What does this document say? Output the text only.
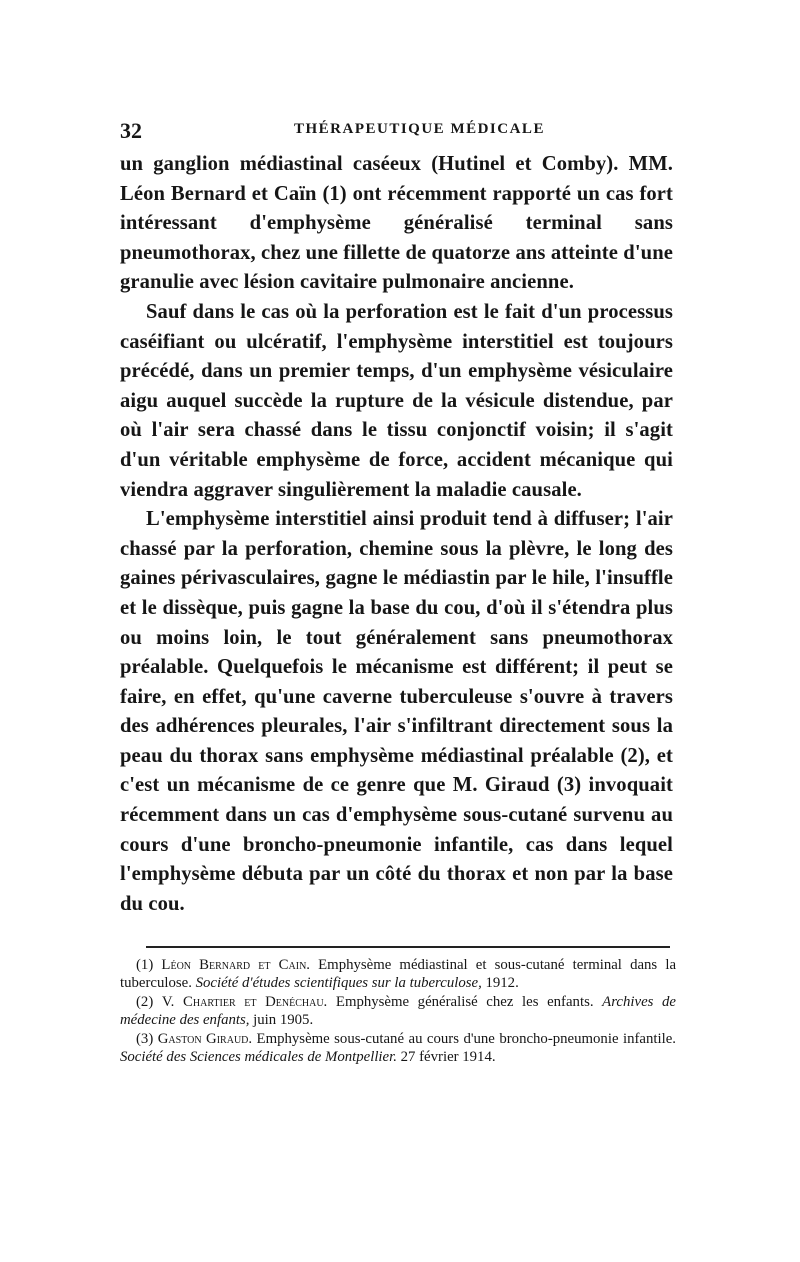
32	THÉRAPEUTIQUE MÉDICALE

un ganglion médiastinal caséeux (Hutinel et Comby). MM. Léon Bernard et Caïn (1) ont récemment rapporté un cas fort intéressant d'emphysème généralisé terminal sans pneumothorax, chez une fillette de quatorze ans atteinte d'une granulie avec lésion cavitaire pulmonaire ancienne.

Sauf dans le cas où la perforation est le fait d'un processus caséifiant ou ulcératif, l'emphysème interstitiel est toujours précédé, dans un premier temps, d'un emphysème vésiculaire aigu auquel succède la rupture de la vésicule distendue, par où l'air sera chassé dans le tissu conjonctif voisin; il s'agit d'un véritable emphysème de force, accident mécanique qui viendra aggraver singulièrement la maladie causale.

L'emphysème interstitiel ainsi produit tend à diffuser; l'air chassé par la perforation, chemine sous la plèvre, le long des gaines périvasculaires, gagne le médiastin par le hile, l'insuffle et le dissèque, puis gagne la base du cou, d'où il s'étendra plus ou moins loin, le tout généralement sans pneumothorax préalable. Quelquefois le mécanisme est différent; il peut se faire, en effet, qu'une caverne tuberculeuse s'ouvre à travers des adhérences pleurales, l'air s'infiltrant directement sous la peau du thorax sans emphysème médiastinal préalable (2), et c'est un mécanisme de ce genre que M. Giraud (3) invoquait récemment dans un cas d'emphysème sous-cutané survenu au cours d'une broncho-pneumonie infantile, cas dans lequel l'emphysème débuta par un côté du thorax et non par la base du cou.

(1) Léon Bernard et Cain. Emphysème médiastinal et sous-cutané terminal dans la tuberculose. Société d'études scientifiques sur la tuberculose, 1912.

(2) V. Chartier et Denéchau. Emphysème généralisé chez les enfants. Archives de médecine des enfants, juin 1905.

(3) Gaston Giraud. Emphysème sous-cutané au cours d'une broncho-pneumonie infantile. Société des Sciences médicales de Montpellier. 27 février 1914.
